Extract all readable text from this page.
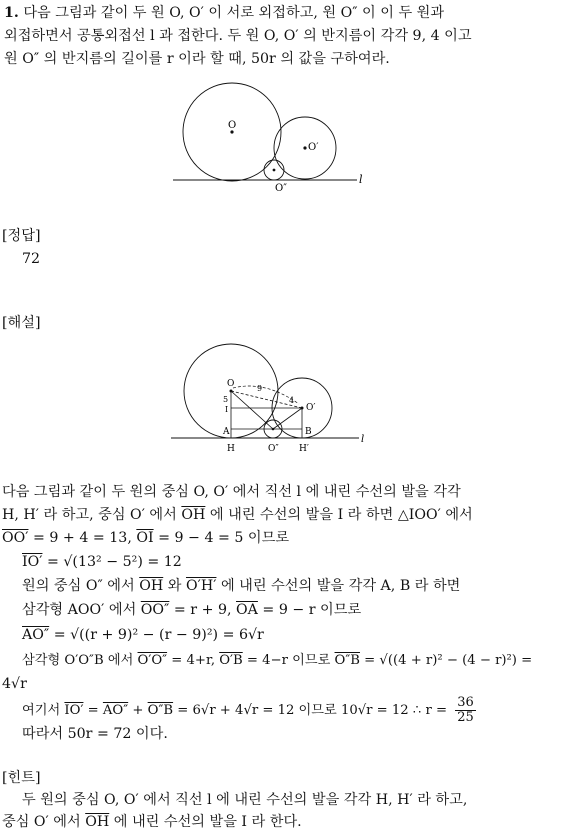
1. 다음 그림과 같이 두 원 O, O′ 이 서로 외접하고, 원 O″ 이 이 두 원과
외접하면서 공통외접선 l 과 접한다. 두 원 O, O′ 의 반지름이 각각 9, 4 이고
원 O″ 의 반지름의 길이를 r 이라 할 때, 50r 의 값을 구하여라.
O
O′
O″
l
[정답]
72
[해설]
O
O′
O″
l
A	B
H	H′
I
9
4
5
다음 그림과 같이 두 원의 중심 O, O′ 에서 직선 l 에 내린 수선의 발을 각각
H, H′ 라 하고, 중심 O′ 에서 $\overline{OH}$ 에 내린 수선의 발을 I 라 하면 △IOO′ 에서
OO′ = 9 + 4 = 13, $\overline{OI} = 9 - 4 = 5$ 이므로
IO′ = √(13² − 5²) = 12
원의 중심 O″ 에서 $\overline{OH}$ 와 O′H′ 에 내린 수선의 발을 각각 A, B 라 하면
삼각형 AOO′ 에서 OO″ = r + 9, $\overline{OA} = 9 - r$ 이므로
AO″ = √((r + 9)² − (r − 9)²) = 6√r
삼각형 O′O″B 에서 O′O″ = 4+r, O′B = 4−r 이므로 O″B = √((4 + r)² − (4 − r)²) =
4√r
여기서 IO′ = AO″ + O″B = 6√r + 4√r = 12 이므로 10√r = 12 ∴ $r = \frac{36}{25}$
따라서 50r = 72 이다.
[힌트]
두 원의 중심 O, O′ 에서 직선 l 에 내린 수선의 발을 각각 H, H′ 라 하고,
중심 O′ 에서 $\overline{OH}$ 에 내린 수선의 발을 I 라 한다.
